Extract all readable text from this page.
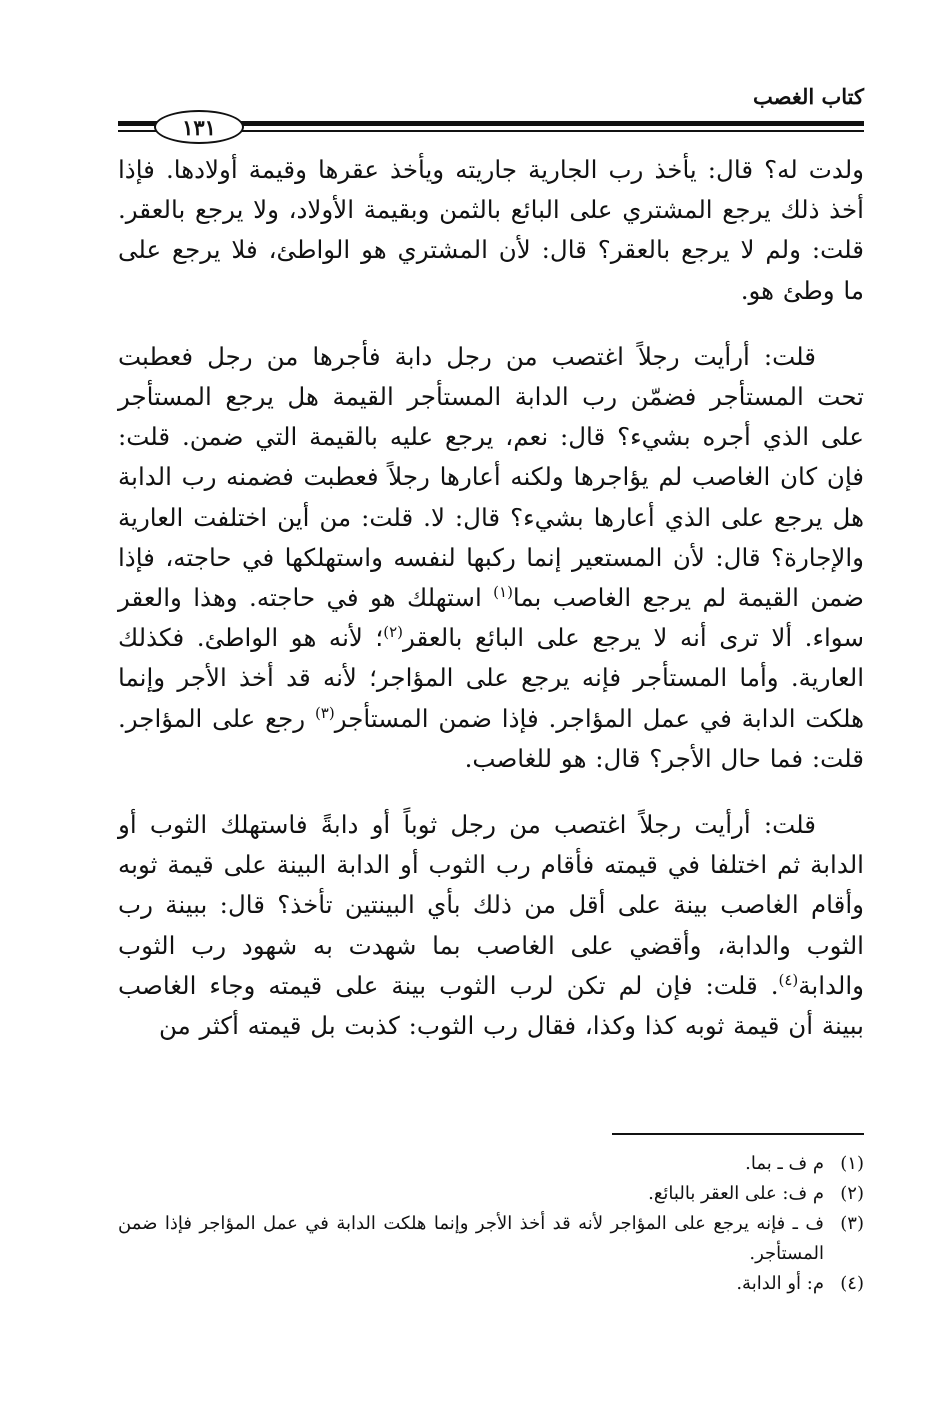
كتاب الغصب
١٣١

ولدت له؟ قال: يأخذ رب الجارية جاريته ويأخذ عقرها وقيمة أولادها. فإذا أخذ ذلك يرجع المشتري على البائع بالثمن وبقيمة الأولاد، ولا يرجع بالعقر. قلت: ولم لا يرجع بالعقر؟ قال: لأن المشتري هو الواطئ، فلا يرجع على ما وطئ هو.

قلت: أرأيت رجلاً اغتصب من رجل دابة فأجرها من رجل فعطبت تحت المستأجر فضمّن رب الدابة المستأجر القيمة هل يرجع المستأجر على الذي أجره بشيء؟ قال: نعم، يرجع عليه بالقيمة التي ضمن. قلت: فإن كان الغاصب لم يؤاجرها ولكنه أعارها رجلاً فعطبت فضمنه رب الدابة هل يرجع على الذي أعارها بشيء؟ قال: لا. قلت: من أين اختلفت العارية والإجارة؟ قال: لأن المستعير إنما ركبها لنفسه واستهلكها في حاجته، فإذا ضمن القيمة لم يرجع الغاصب بما$^{(١)}$ استهلك هو في حاجته. وهذا والعقر سواء. ألا ترى أنه لا يرجع على البائع بالعقر$^{(٢)}$؛ لأنه هو الواطئ. فكذلك العارية. وأما المستأجر فإنه يرجع على المؤاجر؛ لأنه قد أخذ الأجر وإنما هلكت الدابة في عمل المؤاجر. فإذا ضمن المستأجر$^{(٣)}$ رجع على المؤاجر. قلت: فما حال الأجر؟ قال: هو للغاصب.

قلت: أرأيت رجلاً اغتصب من رجل ثوباً أو دابةً فاستهلك الثوب أو الدابة ثم اختلفا في قيمته فأقام رب الثوب أو الدابة البينة على قيمة ثوبه وأقام الغاصب بينة على أقل من ذلك بأي البينتين تأخذ؟ قال: ببينة رب الثوب والدابة، وأقضي على الغاصب بما شهدت به شهود رب الثوب والدابة$^{(٤)}$. قلت: فإن لم تكن لرب الثوب بينة على قيمته وجاء الغاصب ببينة أن قيمة ثوبه كذا وكذا، فقال رب الثوب: كذبت بل قيمته أكثر من

(١)
م ف ـ بما.
(٢)
م ف: على العقر بالبائع.
(٣)
ف ـ فإنه يرجع على المؤاجر لأنه قد أخذ الأجر وإنما هلكت الدابة في عمل المؤاجر فإذا ضمن المستأجر.
(٤)
م: أو الدابة.
